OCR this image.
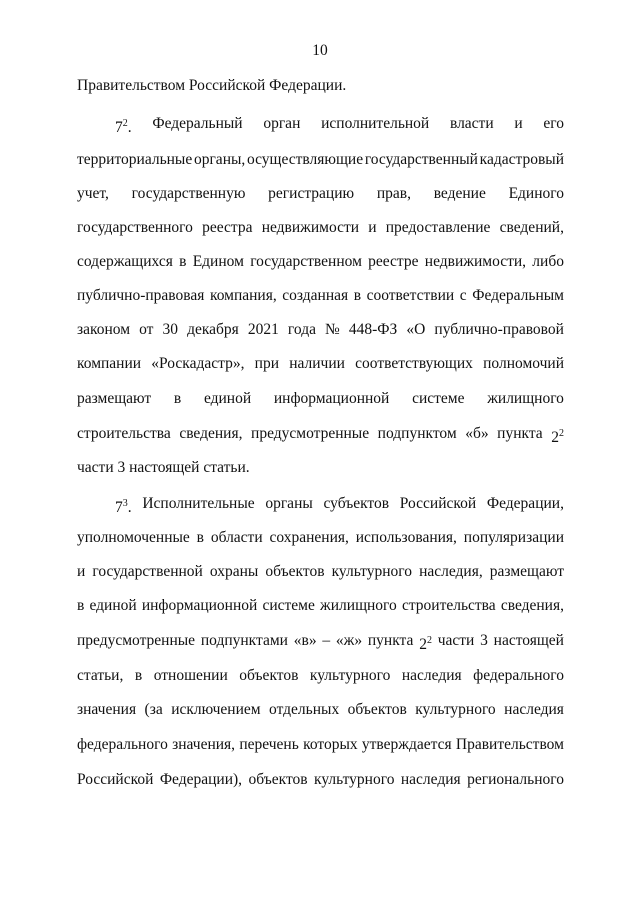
10
Правительством Российской Федерации.
$7^2$. Федеральный орган исполнительной власти и его
территориальные органы, осуществляющие государственный кадастровый
учет, государственную регистрацию прав, ведение Единого
государственного реестра недвижимости и предоставление сведений,
содержащихся в Едином государственном реестре недвижимости, либо
публично-правовая компания, созданная в соответствии с Федеральным
законом от 30 декабря 2021 года № 448-ФЗ «О публично-правовой
компании «Роскадастр», при наличии соответствующих полномочий
размещают в единой информационной системе жилищного
строительства сведения, предусмотренные подпунктом «б» пункта $2^2$
части 3 настоящей статьи.
$7^3$. Исполнительные органы субъектов Российской Федерации,
уполномоченные в области сохранения, использования, популяризации
и государственной охраны объектов культурного наследия, размещают
в единой информационной системе жилищного строительства сведения,
предусмотренные подпунктами «в» – «ж» пункта $2^2$ части 3 настоящей
статьи, в отношении объектов культурного наследия федерального
значения (за исключением отдельных объектов культурного наследия
федерального значения, перечень которых утверждается Правительством
Российской Федерации), объектов культурного наследия регионального
